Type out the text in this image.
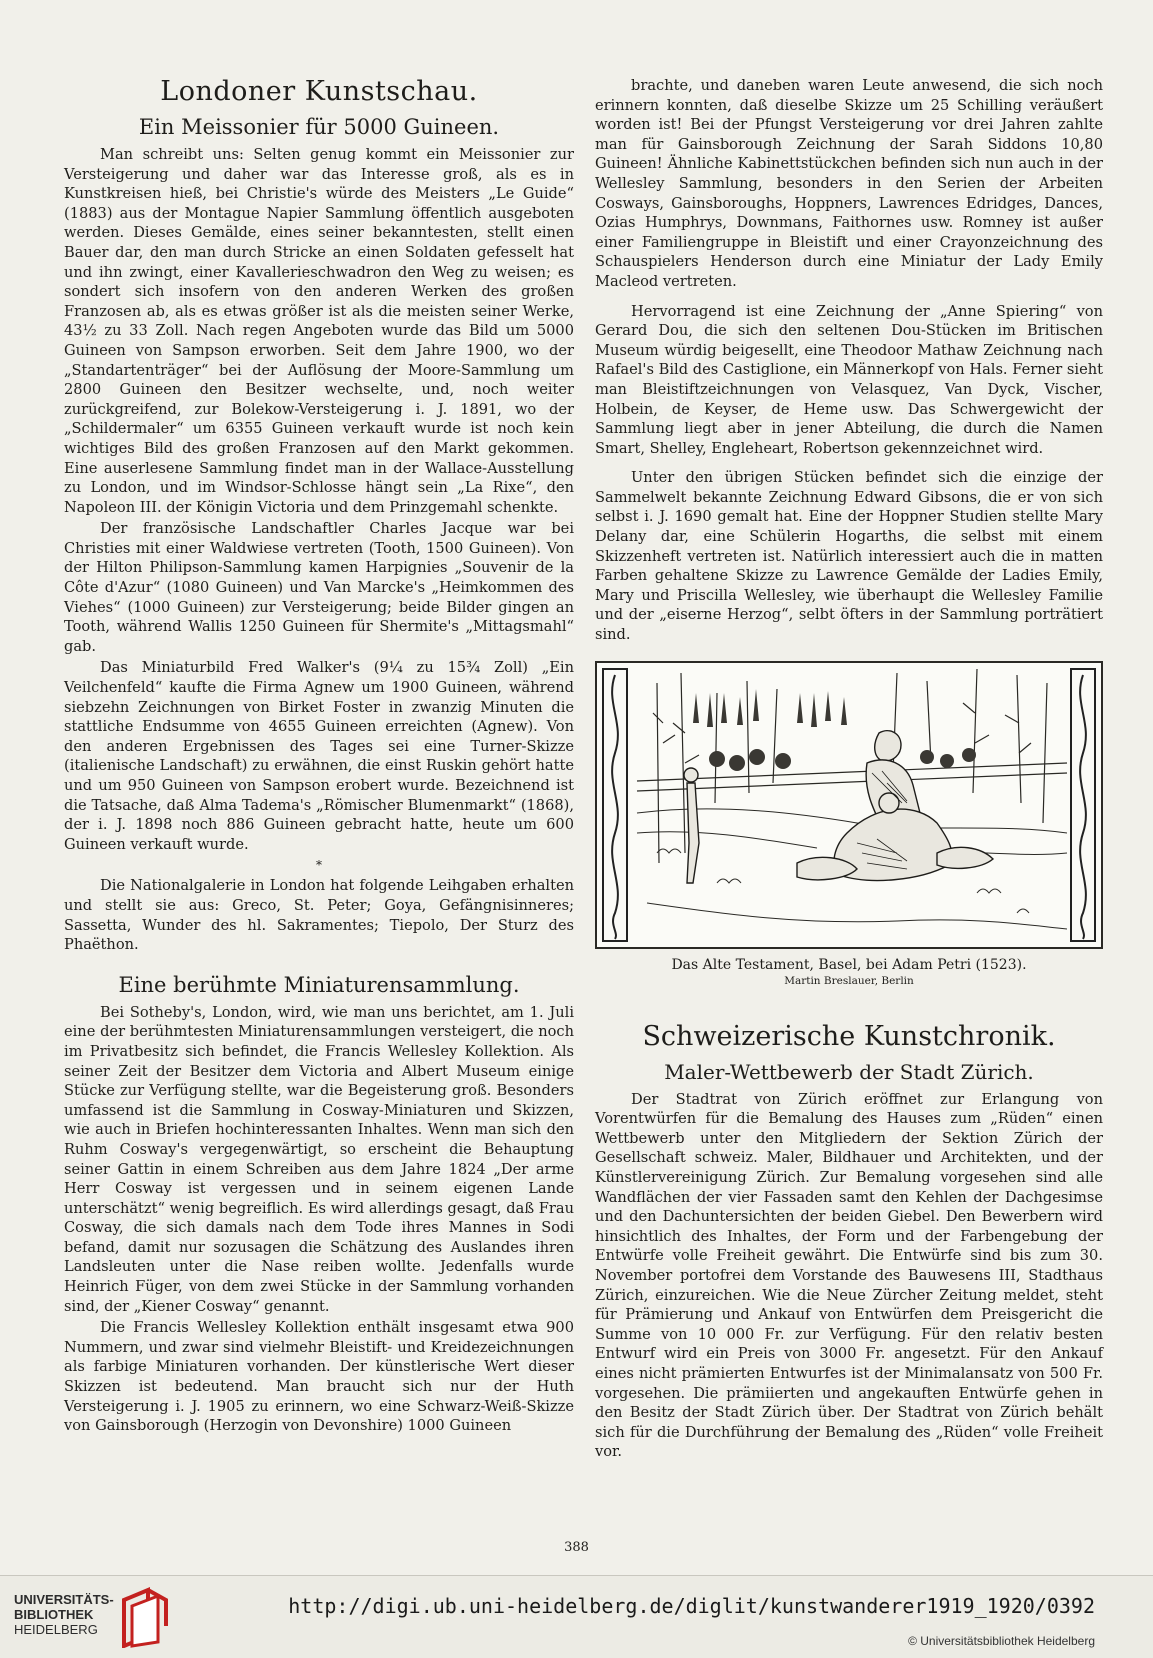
Londoner Kunstschau.
Ein Meissonier für 5000 Guineen.

Man schreibt uns: Selten genug kommt ein Meissonier zur Versteigerung und daher war das Interesse groß, als es in Kunstkreisen hieß, bei Christie's würde des Meisters „Le Guide“ (1883) aus der Montague Napier Sammlung öffentlich ausgeboten werden. Dieses Gemälde, eines seiner bekanntesten, stellt einen Bauer dar, den man durch Stricke an einen Soldaten gefesselt hat und ihn zwingt, einer Kavallerieschwadron den Weg zu weisen; es sondert sich insofern von den anderen Werken des großen Franzosen ab, als es etwas größer ist als die meisten seiner Werke, 43½ zu 33 Zoll. Nach regen Angeboten wurde das Bild um 5000 Guineen von Sampson erworben. Seit dem Jahre 1900, wo der „Standartenträger“ bei der Auflösung der Moore-Sammlung um 2800 Guineen den Besitzer wechselte, und, noch weiter zurückgreifend, zur Bolekow-Versteigerung i. J. 1891, wo der „Schildermaler“ um 6355 Guineen verkauft wurde ist noch kein wichtiges Bild des großen Franzosen auf den Markt gekommen. Eine auserlesene Sammlung findet man in der Wallace-Ausstellung zu London, und im Windsor-Schlosse hängt sein „La Rixe“, den Napoleon III. der Königin Victoria und dem Prinzgemahl schenkte.

Der französische Landschaftler Charles Jacque war bei Christies mit einer Waldwiese vertreten (Tooth, 1500 Guineen). Von der Hilton Philipson-Sammlung kamen Harpignies „Souvenir de la Côte d'Azur“ (1080 Guineen) und Van Marcke's „Heimkommen des Viehes“ (1000 Guineen) zur Versteigerung; beide Bilder gingen an Tooth, während Wallis 1250 Guineen für Shermite's „Mittagsmahl“ gab.

Das Miniaturbild Fred Walker's (9¼ zu 15¾ Zoll) „Ein Veilchenfeld“ kaufte die Firma Agnew um 1900 Guineen, während siebzehn Zeichnungen von Birket Foster in zwanzig Minuten die stattliche Endsumme von 4655 Guineen erreichten (Agnew). Von den anderen Ergebnissen des Tages sei eine Turner-Skizze (italienische Landschaft) zu erwähnen, die einst Ruskin gehört hatte und um 950 Guineen von Sampson erobert wurde. Bezeichnend ist die Tatsache, daß Alma Tadema's „Römischer Blumenmarkt“ (1868), der i. J. 1898 noch 886 Guineen gebracht hatte, heute um 600 Guineen verkauft wurde.

*

Die Nationalgalerie in London hat folgende Leihgaben erhalten und stellt sie aus: Greco, St. Peter; Goya, Gefängnisinneres; Sassetta, Wunder des hl. Sakramentes; Tiepolo, Der Sturz des Phaëthon.

Eine berühmte Miniaturensammlung.

Bei Sotheby's, London, wird, wie man uns berichtet, am 1. Juli eine der berühmtesten Miniaturensammlungen versteigert, die noch im Privatbesitz sich befindet, die Francis Wellesley Kollektion. Als seiner Zeit der Besitzer dem Victoria and Albert Museum einige Stücke zur Verfügung stellte, war die Begeisterung groß. Besonders umfassend ist die Sammlung in Cosway-Miniaturen und Skizzen, wie auch in Briefen hochinteressanten Inhaltes. Wenn man sich den Ruhm Cosway's vergegenwärtigt, so erscheint die Behauptung seiner Gattin in einem Schreiben aus dem Jahre 1824 „Der arme Herr Cosway ist vergessen und in seinem eigenen Lande unterschätzt“ wenig begreiflich. Es wird allerdings gesagt, daß Frau Cosway, die sich damals nach dem Tode ihres Mannes in Sodi befand, damit nur sozusagen die Schätzung des Auslandes ihren Landsleuten unter die Nase reiben wollte. Jedenfalls wurde Heinrich Füger, von dem zwei Stücke in der Sammlung vorhanden sind, der „Kiener Cosway“ genannt.

Die Francis Wellesley Kollektion enthält insgesamt etwa 900 Nummern, und zwar sind vielmehr Bleistift- und Kreidezeichnungen als farbige Miniaturen vorhanden. Der künstlerische Wert dieser Skizzen ist bedeutend. Man braucht sich nur der Huth Versteigerung i. J. 1905 zu erinnern, wo eine Schwarz-Weiß-Skizze von Gainsborough (Herzogin von Devonshire) 1000 Guineen

brachte, und daneben waren Leute anwesend, die sich noch erinnern konnten, daß dieselbe Skizze um 25 Schilling veräußert worden ist! Bei der Pfungst Versteigerung vor drei Jahren zahlte man für Gainsborough Zeichnung der Sarah Siddons 10,80 Guineen! Ähnliche Kabinettstückchen befinden sich nun auch in der Wellesley Sammlung, besonders in den Serien der Arbeiten Cosways, Gainsboroughs, Hoppners, Lawrences Edridges, Dances, Ozias Humphrys, Downmans, Faithornes usw. Romney ist außer einer Familiengruppe in Bleistift und einer Crayonzeichnung des Schauspielers Henderson durch eine Miniatur der Lady Emily Macleod vertreten.

Hervorragend ist eine Zeichnung der „Anne Spiering“ von Gerard Dou, die sich den seltenen Dou-Stücken im Britischen Museum würdig beigesellt, eine Theodoor Mathaw Zeichnung nach Rafael's Bild des Castiglione, ein Männerkopf von Hals. Ferner sieht man Bleistiftzeichnungen von Velasquez, Van Dyck, Vischer, Holbein, de Keyser, de Heme usw. Das Schwergewicht der Sammlung liegt aber in jener Abteilung, die durch die Namen Smart, Shelley, Engleheart, Robertson gekennzeichnet wird.

Unter den übrigen Stücken befindet sich die einzige der Sammelwelt bekannte Zeichnung Edward Gibsons, die er von sich selbst i. J. 1690 gemalt hat. Eine der Hoppner Studien stellte Mary Delany dar, eine Schülerin Hogarths, die selbst mit einem Skizzenheft vertreten ist. Natürlich interessiert auch die in matten Farben gehaltene Skizze zu Lawrence Gemälde der Ladies Emily, Mary und Priscilla Wellesley, wie überhaupt die Wellesley Familie und der „eiserne Herzog“, selbt öfters in der Sammlung porträtiert sind.

Das Alte Testament, Basel, bei Adam Petri (1523).
Martin Breslauer, Berlin
Schweizerische Kunstchronik.
Maler-Wettbewerb der Stadt Zürich.

Der Stadtrat von Zürich eröffnet zur Erlangung von Vorentwürfen für die Bemalung des Hauses zum „Rüden“ einen Wettbewerb unter den Mitgliedern der Sektion Zürich der Gesellschaft schweiz. Maler, Bildhauer und Architekten, und der Künstlervereinigung Zürich. Zur Bemalung vorgesehen sind alle Wandflächen der vier Fassaden samt den Kehlen der Dachgesimse und den Dachuntersichten der beiden Giebel. Den Bewerbern wird hinsichtlich des Inhaltes, der Form und der Farbengebung der Entwürfe volle Freiheit gewährt. Die Entwürfe sind bis zum 30. November portofrei dem Vorstande des Bauwesens III, Stadthaus Zürich, einzureichen. Wie die Neue Zürcher Zeitung meldet, steht für Prämierung und Ankauf von Entwürfen dem Preisgericht die Summe von 10 000 Fr. zur Verfügung. Für den relativ besten Entwurf wird ein Preis von 3000 Fr. angesetzt. Für den Ankauf eines nicht prämierten Entwurfes ist der Minimalansatz von 500 Fr. vorgesehen. Die prämiierten und angekauften Entwürfe gehen in den Besitz der Stadt Zürich über. Der Stadtrat von Zürich behält sich für die Durchführung der Bemalung des „Rüden“ volle Freiheit vor.

388
UNIVERSITÄTS-
BIBLIOTHEK
HEIDELBERG
http://digi.ub.uni-heidelberg.de/diglit/kunstwanderer1919_1920/0392
© Universitätsbibliothek Heidelberg
